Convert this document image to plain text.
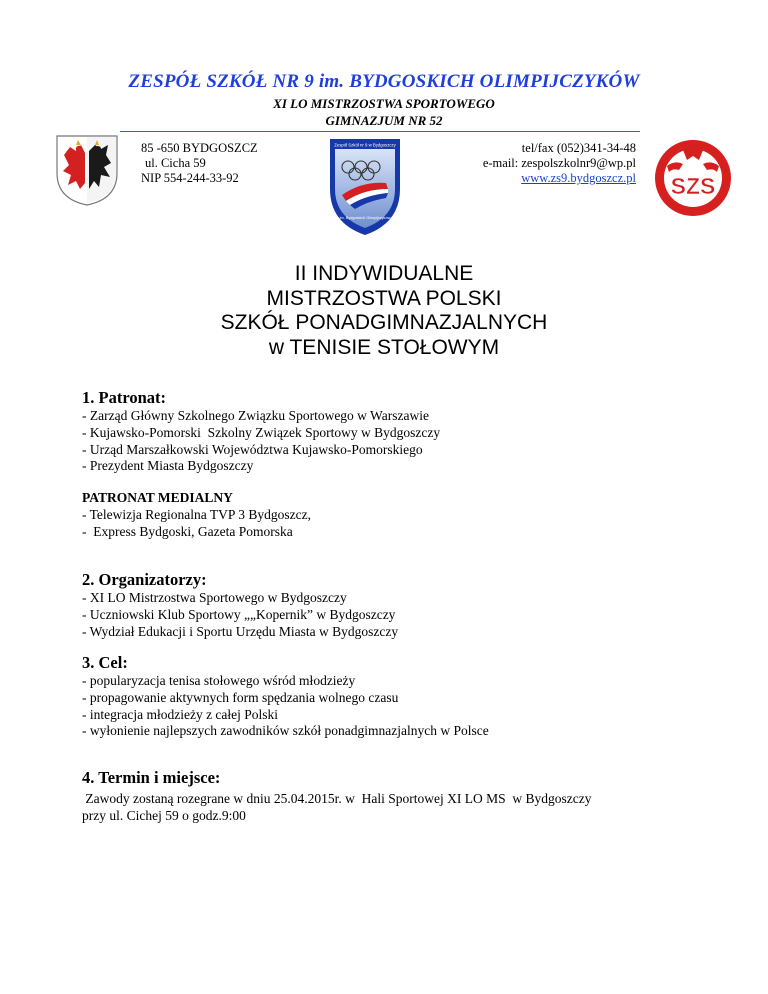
ZESPÓŁ SZKÓŁ NR 9 im. BYDGOSKICH OLIMPIJCZYKÓW
XI LO MISTRZOSTWA SPORTOWEGO
GIMNAZJUM NR 52
85 -650 BYDGOSZCZ
ul. Cicha 59
NIP 554-244-33-92
Zespół Szkół nr 9 w Bydgoszczy
im. Bydgoskich Olimpijczyków
tel/fax (052)341-34-48
e-mail: zespolszkolnr9@wp.pl
www.zs9.bydgoszcz.pl SZS
II INDYWIDUALNE
MISTRZOSTWA POLSKI
SZKÓŁ PONADGIMNAZJALNYCH
w TENISIE STOŁOWYM
1. Patronat:
- Zarząd Główny Szkolnego Związku Sportowego w Warszawie
- Kujawsko-Pomorski  Szkolny Związek Sportowy w Bydgoszczy
- Urząd Marszałkowski Województwa Kujawsko-Pomorskiego
- Prezydent Miasta Bydgoszczy
PATRONAT MEDIALNY
- Telewizja Regionalna TVP 3 Bydgoszcz,
-  Express Bydgoski, Gazeta Pomorska
2. Organizatorzy:
- XI LO Mistrzostwa Sportowego w Bydgoszczy
- Uczniowski Klub Sportowy „„Kopernik” w Bydgoszczy
- Wydział Edukacji i Sportu Urzędu Miasta w Bydgoszczy
3. Cel:
- popularyzacja tenisa stołowego wśród młodzieży
- propagowanie aktywnych form spędzania wolnego czasu
- integracja młodzieży z całej Polski
- wyłonienie najlepszych zawodników szkół ponadgimnazjalnych w Polsce
4. Termin i miejsce:
Zawody zostaną rozegrane w dniu 25.04.2015r. w  Hali Sportowej XI LO MS  w Bydgoszczy
przy ul. Cichej 59 o godz.9:00
